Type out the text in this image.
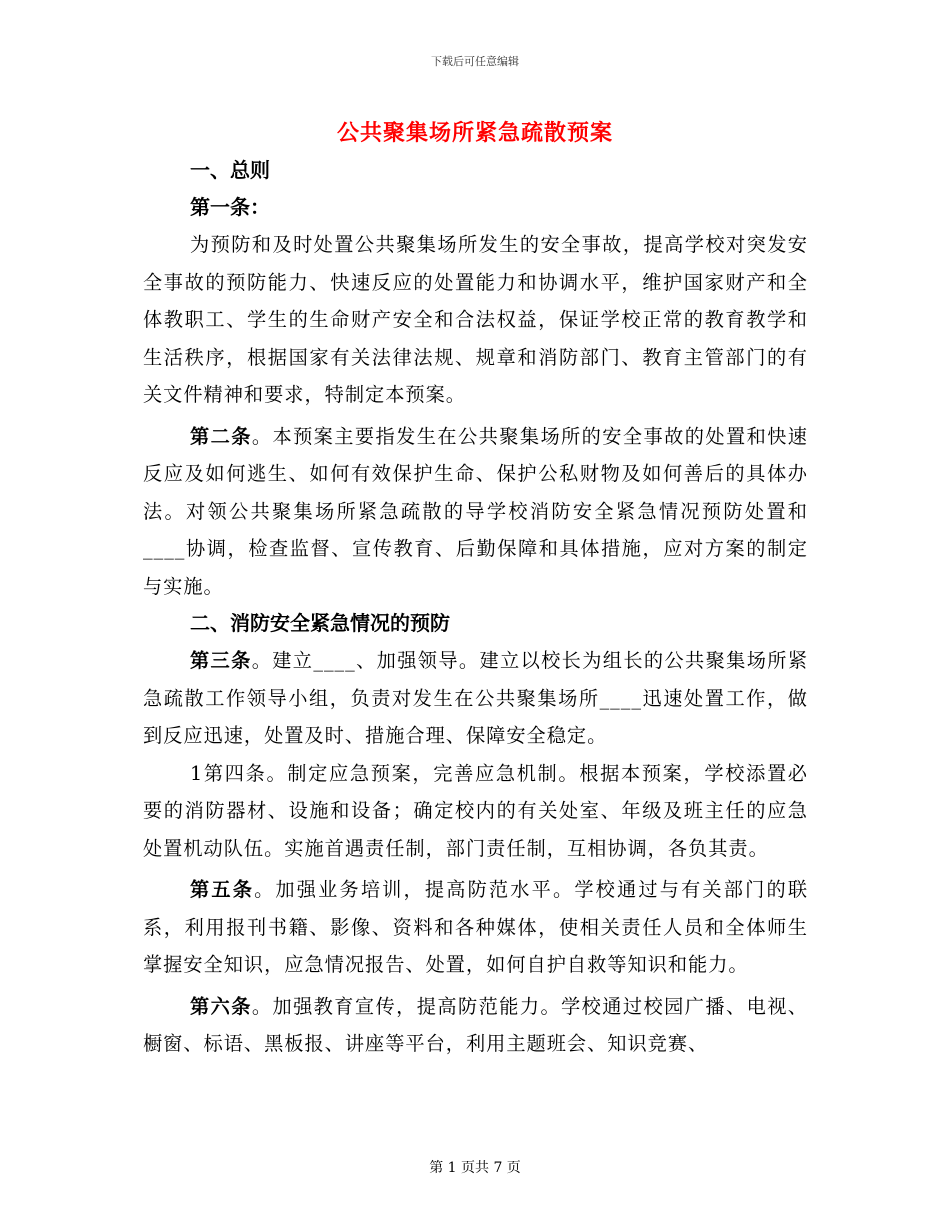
下载后可任意编辑
公共聚集场所紧急疏散预案
一、总则
第一条：
为预防和及时处置公共聚集场所发生的安全事故，提高学校对突发安全事故的预防能力、快速反应的处置能力和协调水平，维护国家财产和全体教职工、学生的生命财产安全和合法权益，保证学校正常的教育教学和生活秩序，根据国家有关法律法规、规章和消防部门、教育主管部门的有关文件精神和要求，特制定本预案。
第二条。本预案主要指发生在公共聚集场所的安全事故的处置和快速反应及如何逃生、如何有效保护生命、保护公私财物及如何善后的具体办法。对领公共聚集场所紧急疏散的导学校消防安全紧急情况预防处置和____协调，检查监督、宣传教育、后勤保障和具体措施，应对方案的制定与实施。
二、消防安全紧急情况的预防
第三条。建立____、加强领导。建立以校长为组长的公共聚集场所紧急疏散工作领导小组，负责对发生在公共聚集场所____迅速处置工作，做到反应迅速，处置及时、措施合理、保障安全稳定。
1第四条。制定应急预案，完善应急机制。根据本预案，学校添置必要的消防器材、设施和设备；确定校内的有关处室、年级及班主任的应急处置机动队伍。实施首遇责任制，部门责任制，互相协调，各负其责。
第五条。加强业务培训，提高防范水平。学校通过与有关部门的联系，利用报刊书籍、影像、资料和各种媒体，使相关责任人员和全体师生掌握安全知识，应急情况报告、处置，如何自护自救等知识和能力。
第六条。加强教育宣传，提高防范能力。学校通过校园广播、电视、橱窗、标语、黑板报、讲座等平台，利用主题班会、知识竞赛、
第 1 页共 7 页
